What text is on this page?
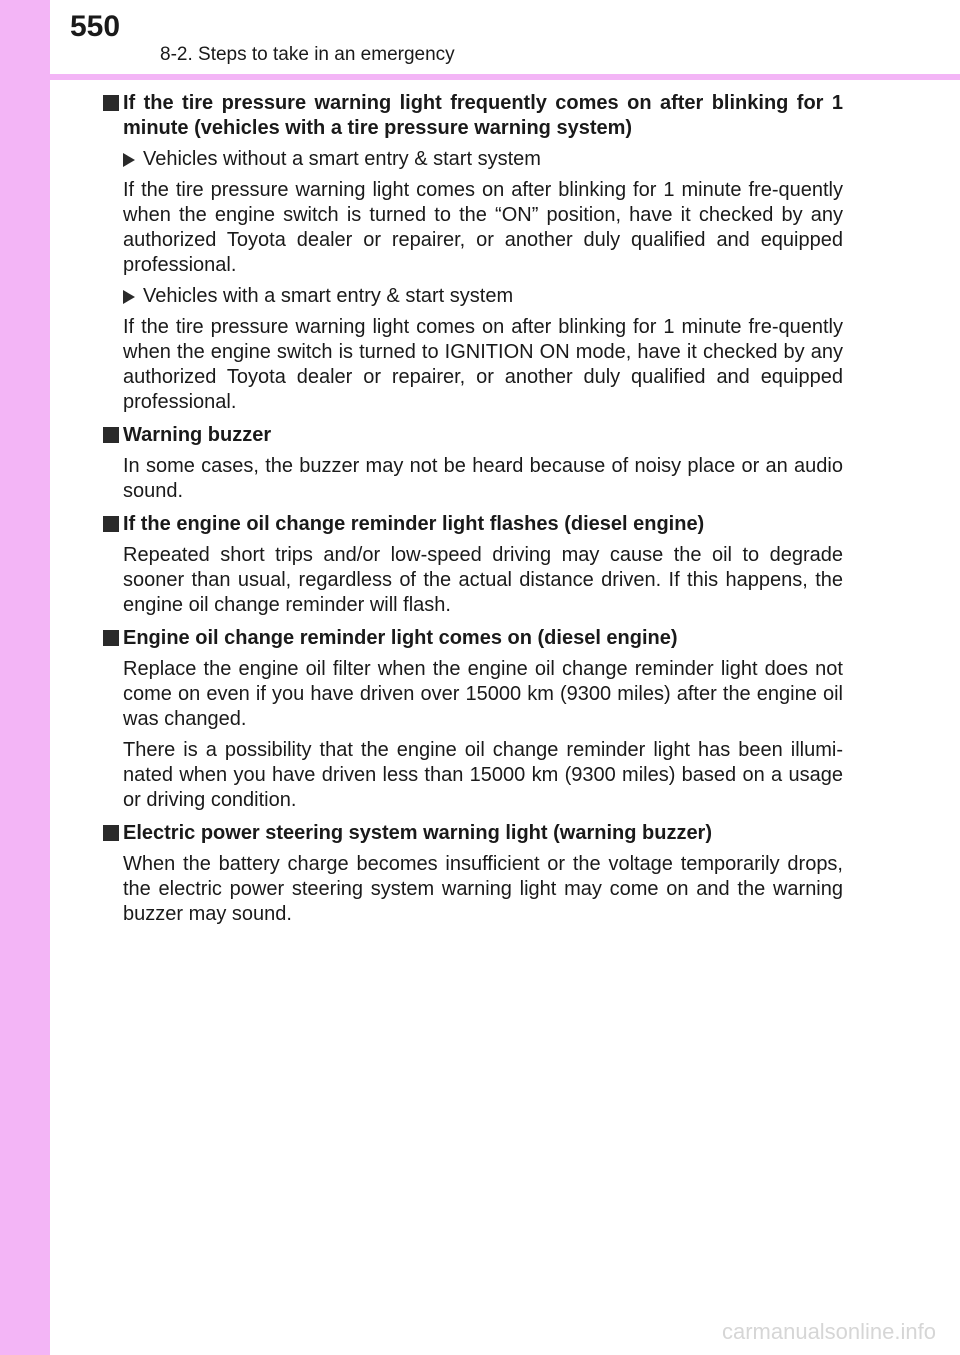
550
8-2. Steps to take in an emergency
If the tire pressure warning light frequently comes on after blinking for 1 minute (vehicles with a tire pressure warning system)
Vehicles without a smart entry & start system
If the tire pressure warning light comes on after blinking for 1 minute fre-quently when the engine switch is turned to the “ON” position, have it checked by any authorized Toyota dealer or repairer, or another duly qualified and equipped professional.
Vehicles with a smart entry & start system
If the tire pressure warning light comes on after blinking for 1 minute fre-quently when the engine switch is turned to IGNITION ON mode, have it checked by any authorized Toyota dealer or repairer, or another duly qualified and equipped professional.
Warning buzzer
In some cases, the buzzer may not be heard because of noisy place or an audio sound.
If the engine oil change reminder light flashes (diesel engine)
Repeated short trips and/or low-speed driving may cause the oil to degrade sooner than usual, regardless of the actual distance driven. If this happens, the engine oil change reminder will flash.
Engine oil change reminder light comes on (diesel engine)
Replace the engine oil filter when the engine oil change reminder light does not come on even if you have driven over 15000 km (9300 miles) after the engine oil was changed.
There is a possibility that the engine oil change reminder light has been illumi-nated when you have driven less than 15000 km (9300 miles) based on a usage or driving condition.
Electric power steering system warning light (warning buzzer)
When the battery charge becomes insufficient or the voltage temporarily drops, the electric power steering system warning light may come on and the warning buzzer may sound.
carmanualsonline.info
